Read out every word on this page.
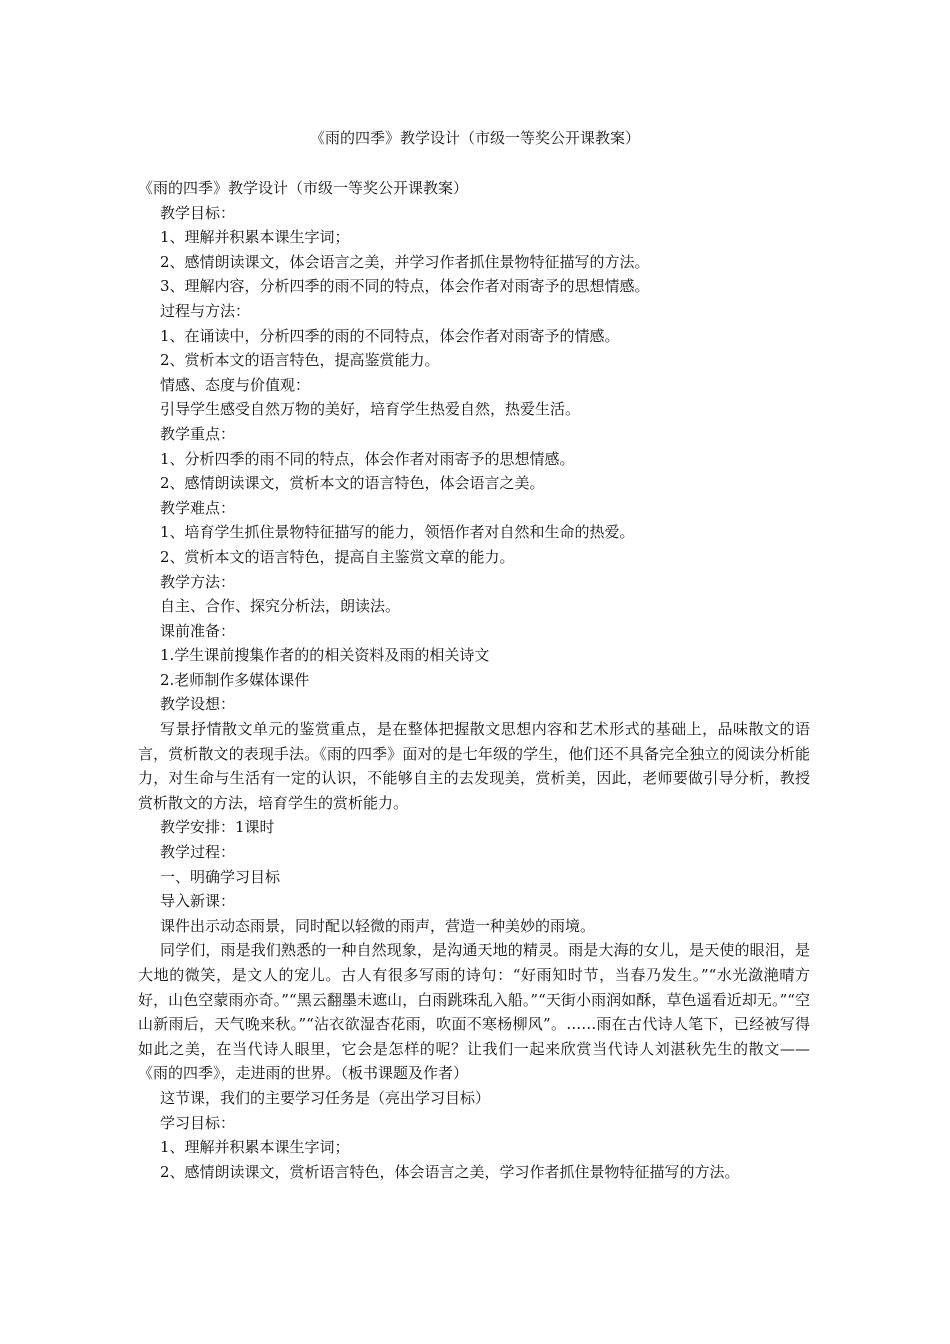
《雨的四季》教学设计（市级一等奖公开课教案）

《雨的四季》教学设计（市级一等奖公开课教案）

教学目标：

1、理解并积累本课生字词；

2、感情朗读课文，体会语言之美，并学习作者抓住景物特征描写的方法。

3、理解内容，分析四季的雨不同的特点，体会作者对雨寄予的思想情感。

过程与方法：

1、在诵读中，分析四季的雨的不同特点，体会作者对雨寄予的情感。

2、赏析本文的语言特色，提高鉴赏能力。

情感、态度与价值观：

引导学生感受自然万物的美好，培育学生热爱自然，热爱生活。

教学重点：

1、分析四季的雨不同的特点，体会作者对雨寄予的思想情感。

2、感情朗读课文，赏析本文的语言特色，体会语言之美。

教学难点：

1、培育学生抓住景物特征描写的能力，领悟作者对自然和生命的热爱。

2、赏析本文的语言特色，提高自主鉴赏文章的能力。

教学方法：

自主、合作、探究分析法，朗读法。

课前准备：

1.学生课前搜集作者的的相关资料及雨的相关诗文

2.老师制作多媒体课件

教学设想：

写景抒情散文单元的鉴赏重点，是在整体把握散文思想内容和艺术形式的基础上，品味散文的语言，赏析散文的表现手法。《雨的四季》面对的是七年级的学生，他们还不具备完全独立的阅读分析能力，对生命与生活有一定的认识，不能够自主的去发现美，赏析美，因此，老师要做引导分析，教授赏析散文的方法，培育学生的赏析能力。

教学安排：1课时

教学过程：

一、明确学习目标

导入新课：

课件出示动态雨景，同时配以轻微的雨声，营造一种美妙的雨境。

同学们，雨是我们熟悉的一种自然现象，是沟通天地的精灵。雨是大海的女儿，是天使的眼泪，是大地的微笑，是文人的宠儿。古人有很多写雨的诗句：“好雨知时节，当春乃发生。”“水光潋滟晴方好，山色空蒙雨亦奇。”“黑云翻墨未遮山，白雨跳珠乱入船。”“天街小雨润如酥，草色遥看近却无。”“空山新雨后，天气晚来秋。”“沾衣欲湿杏花雨，吹面不寒杨柳风”。……雨在古代诗人笔下，已经被写得如此之美，在当代诗人眼里，它会是怎样的呢？让我们一起来欣赏当代诗人刘湛秋先生的散文——《雨的四季》，走进雨的世界。（板书课题及作者）

这节课，我们的主要学习任务是（亮出学习目标）

学习目标：

1、理解并积累本课生字词；

2、感情朗读课文，赏析语言特色，体会语言之美，学习作者抓住景物特征描写的方法。
